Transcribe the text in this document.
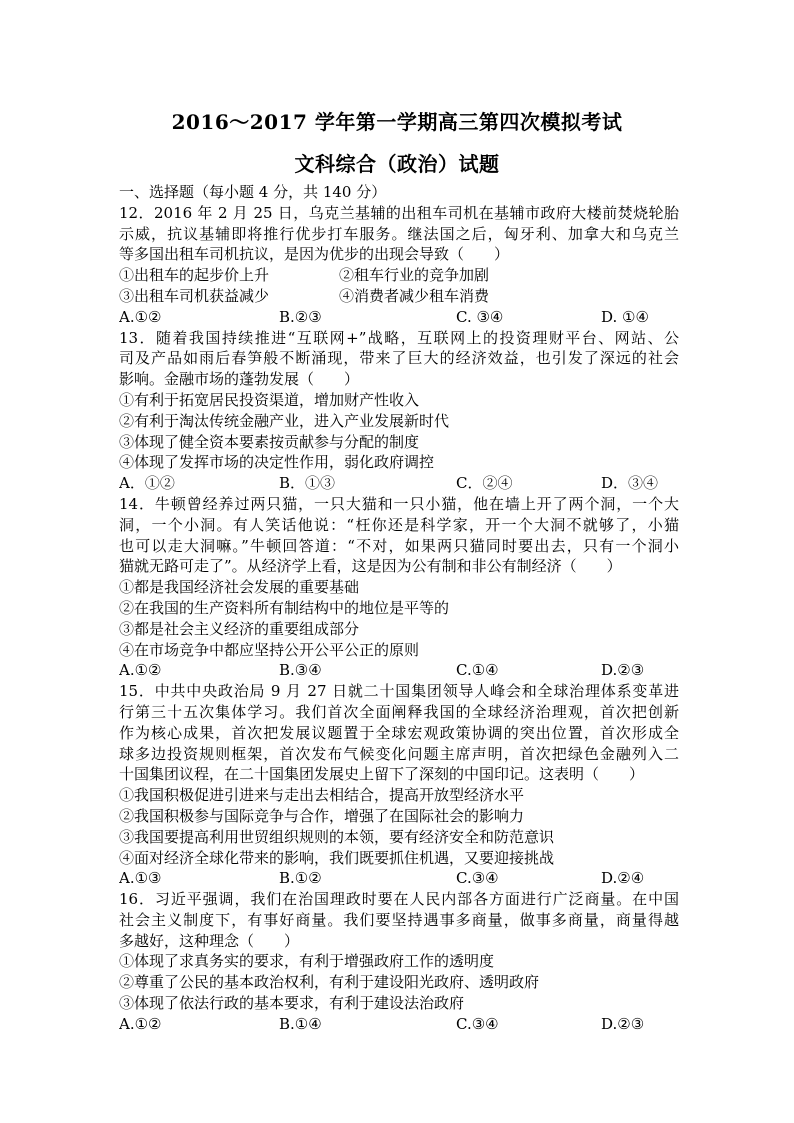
2016～2017 学年第一学期高三第四次模拟考试
文科综合（政治）试题
一、选择题（每小题 4 分，共 140 分）
12．2016 年 2 月 25 日，乌克兰基辅的出租车司机在基辅市政府大楼前焚烧轮胎
示威，抗议基辅即将推行优步打车服务。继法国之后，匈牙利、加拿大和乌克兰
等多国出租车司机抗议，是因为优步的出现会导致（　　）
①出租车的起步价上升	②租车行业的竞争加剧
③出租车司机获益减少	④消费者减少租车消费
A.①②	B.②③	C. ③④	D. ①④
13．随着我国持续推进“互联网+”战略，互联网上的投资理财平台、网站、公
司及产品如雨后春笋般不断涌现，带来了巨大的经济效益，也引发了深远的社会
影响。金融市场的蓬勃发展（　　）
①有利于拓宽居民投资渠道，增加财产性收入
②有利于淘汰传统金融产业，进入产业发展新时代
③体现了健全资本要素按贡献参与分配的制度
④体现了发挥市场的决定性作用，弱化政府调控
A．①②	B．①③	C．②④	D．③④
14．牛顿曾经养过两只猫，一只大猫和一只小猫，他在墙上开了两个洞，一个大
洞，一个小洞。有人笑话他说：“枉你还是科学家，开一个大洞不就够了，小猫
也可以走大洞嘛。”牛顿回答道：“不对，如果两只猫同时要出去，只有一个洞小
猫就无路可走了”。从经济学上看，这是因为公有制和非公有制经济（　　）
①都是我国经济社会发展的重要基础
②在我国的生产资料所有制结构中的地位是平等的
③都是社会主义经济的重要组成部分
④在市场竞争中都应坚持公开公平公正的原则
A.①②	B.③④	C.①④	D.②③
15．中共中央政治局 9 月 27 日就二十国集团领导人峰会和全球治理体系变革进
行第三十五次集体学习。我们首次全面阐释我国的全球经济治理观，首次把创新
作为核心成果，首次把发展议题置于全球宏观政策协调的突出位置，首次形成全
球多边投资规则框架，首次发布气候变化问题主席声明，首次把绿色金融列入二
十国集团议程，在二十国集团发展史上留下了深刻的中国印记。这表明（　　）
①我国积极促进引进来与走出去相结合，提高开放型经济水平
②我国积极参与国际竞争与合作，增强了在国际社会的影响力
③我国要提高利用世贸组织规则的本领，要有经济安全和防范意识
④面对经济全球化带来的影响，我们既要抓住机遇，又要迎接挑战
A.①③	B.①②	C.③④	D.②④
16．习近平强调，我们在治国理政时要在人民内部各方面进行广泛商量。在中国
社会主义制度下，有事好商量。我们要坚持遇事多商量，做事多商量，商量得越
多越好，这种理念（　　）
①体现了求真务实的要求，有利于增强政府工作的透明度
②尊重了公民的基本政治权利，有利于建设阳光政府、透明政府
③体现了依法行政的基本要求，有利于建设法治政府
A.①②	B.①④	C.③④	D.②③
